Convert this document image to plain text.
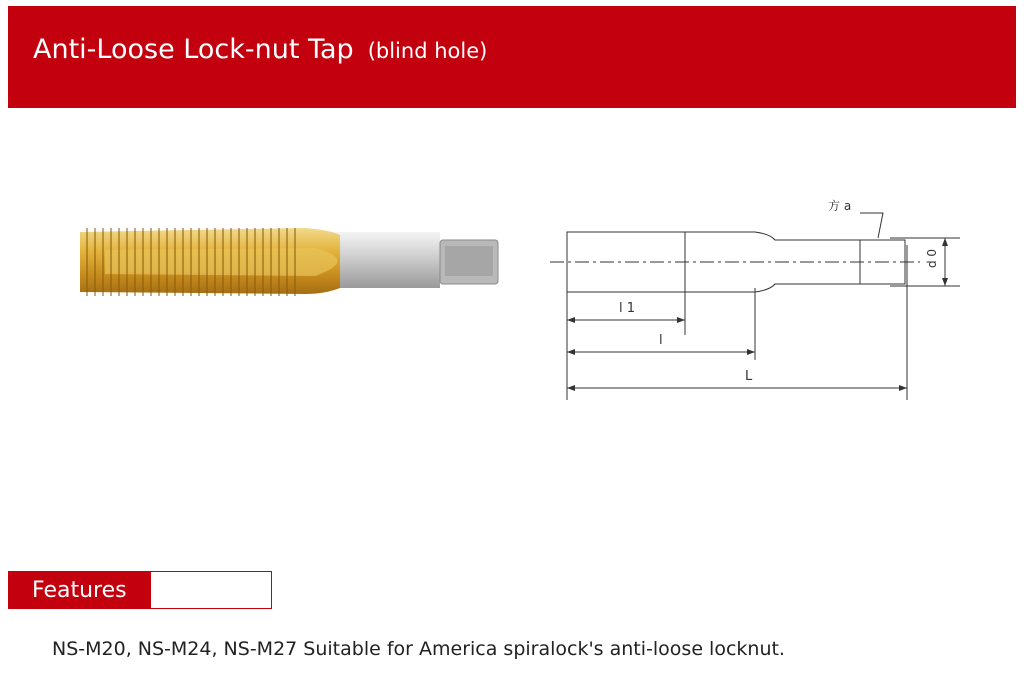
Anti-Loose Lock-nut Tap (blind hole)
方 a
d 0
l 1
l
L
Features
NS-M20, NS-M24, NS-M27 Suitable for America spiralock's anti-loose locknut.
